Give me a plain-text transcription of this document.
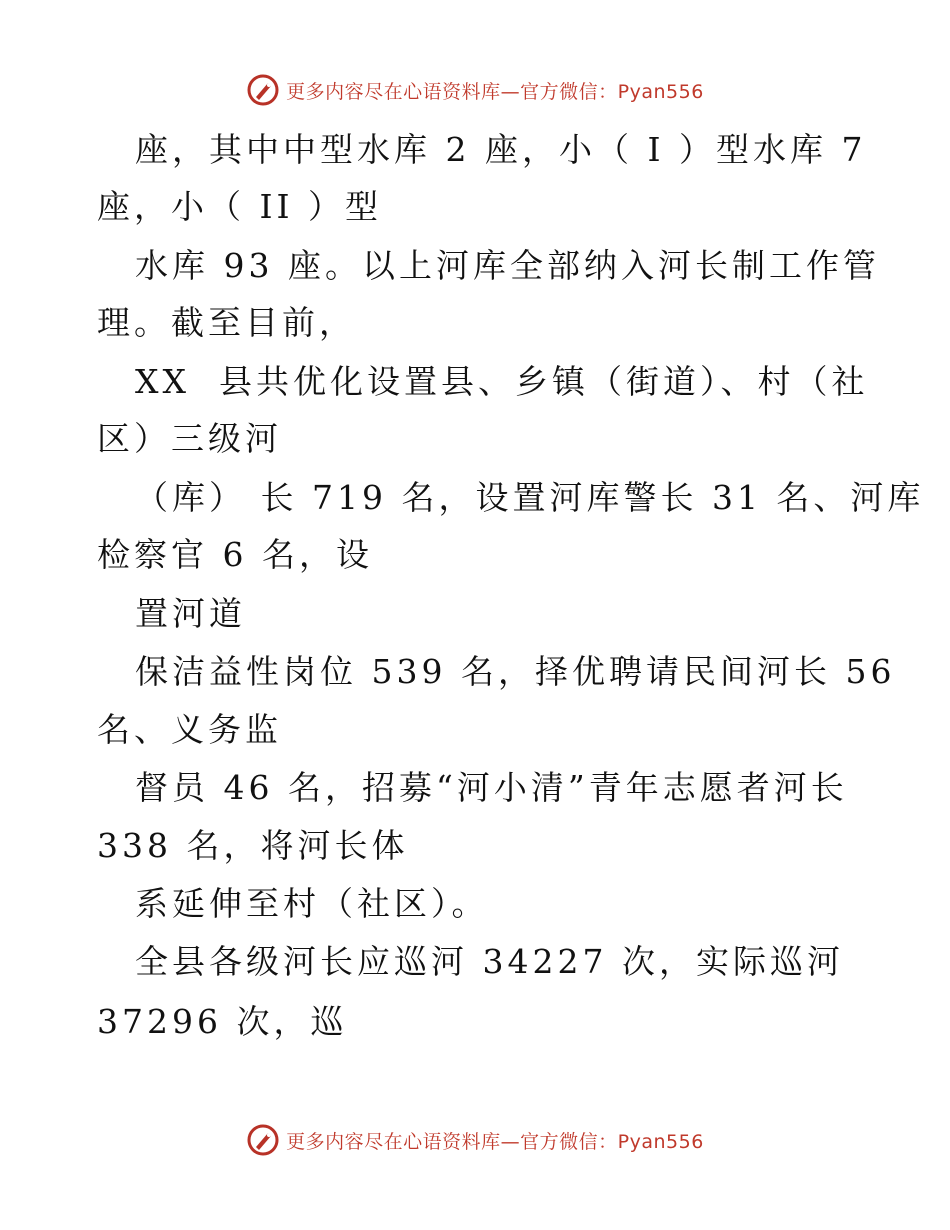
更多内容尽在心语资料库—官方微信：Pyan556
座，其中中型水库 2 座，小（ I ）型水库 7
座，小（ II ）型
水库 93 座。以上河库全部纳入河长制工作管
理。截至目前，
XX  县共优化设置县、乡镇（街道）、村（社
区）三级河
（库） 长 719 名，设置河库警长 31 名、河库
检察官 6 名，设
置河道
保洁益性岗位 539 名，择优聘请民间河长 56
名、义务监
督员 46 名，招募“河小清”青年志愿者河长
338 名，将河长体
系延伸至村（社区）。
全县各级河长应巡河 34227 次，实际巡河
37296 次，巡
更多内容尽在心语资料库—官方微信：Pyan556
